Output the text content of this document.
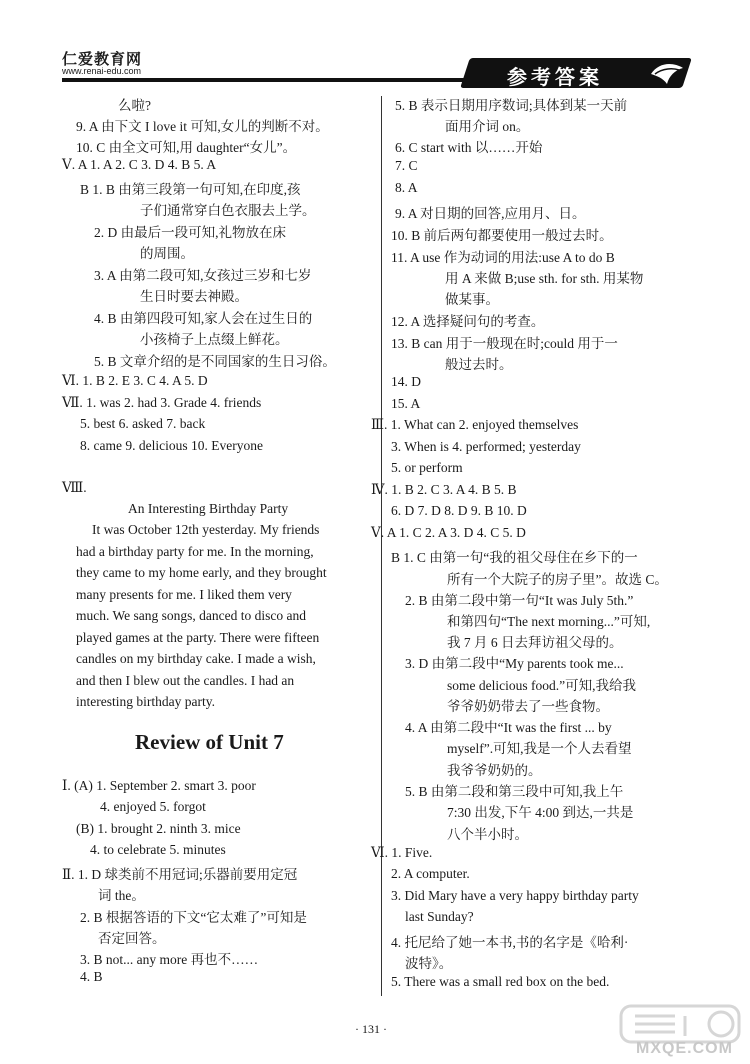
仁爱教育网
www.renai-edu.com	参考答案
么啦?
9. A 由下文 I love it 可知,女儿的判断不对。
10. C 由全文可知,用 daughter“女儿”。
Ⅴ. A 1. A 2. C 3. D 4. B 5. A
B 1. B 由第三段第一句可知,在印度,孩
子们通常穿白色衣服去上学。
2. D 由最后一段可知,礼物放在床
的周围。
3. A 由第二段可知,女孩过三岁和七岁
生日时要去神殿。
4. B 由第四段可知,家人会在过生日的
小孩椅子上点缀上鲜花。
5. B 文章介绍的是不同国家的生日习俗。
Ⅵ. 1. B 2. E 3. C 4. A 5. D
Ⅶ. 1. was 2. had 3. Grade 4. friends
5. best 6. asked 7. back
8. came 9. delicious 10. Everyone
Ⅷ.
An Interesting Birthday Party
It was October 12th yesterday. My friends
had a birthday party for me. In the morning,
they came to my home early, and they brought
many presents for me. I liked them very
much. We sang songs, danced to disco and
played games at the party. There were fifteen
candles on my birthday cake. I made a wish,
and then I blew out the candles. I had an
interesting birthday party.
Ⅰ. (A) 1. September 2. smart 3. poor
4. enjoyed 5. forgot
(B) 1. brought 2. ninth 3. mice
4. to celebrate 5. minutes
Ⅱ. 1. D 球类前不用冠词;乐器前要用定冠
词 the。
2. B 根据答语的下文“它太难了”可知是
否定回答。
3. B not... any more 再也不……
4. B
Review of Unit 7
5. B 表示日期用序数词;具体到某一天前
面用介词 on。
6. C start with 以……开始
7. C
8. A
9. A 对日期的回答,应用月、日。
10. B 前后两句都要使用一般过去时。
11. A use 作为动词的用法:use A to do B
用 A 来做 B;use sth. for sth. 用某物
做某事。
12. A 选择疑问句的考查。
13. B can 用于一般现在时;could 用于一
般过去时。
14. D
15. A
Ⅲ. 1. What can 2. enjoyed themselves
3. When is 4. performed; yesterday
5. or perform
Ⅳ. 1. B 2. C 3. A 4. B 5. B
6. D 7. D 8. D 9. B 10. D
Ⅴ. A 1. C 2. A 3. D 4. C 5. D
B 1. C 由第一句“我的祖父母住在乡下的一
所有一个大院子的房子里”。故选 C。
2. B 由第二段中第一句“It was July 5th.”
和第四句“The next morning...”可知,
我 7 月 6 日去拜访祖父母的。
3. D 由第二段中“My parents took me...
some delicious food.”可知,我给我
爷爷奶奶带去了一些食物。
4. A 由第二段中“It was the first ... by
myself”.可知,我是一个人去看望
我爷爷奶奶的。
5. B 由第二段和第三段中可知,我上午
7:30 出发,下午 4:00 到达,一共是
八个半小时。
Ⅵ. 1. Five.
2. A computer.
3. Did Mary have a very happy birthday party
last Sunday?
4. 托尼给了她一本书,书的名字是《哈利·
波特》。
5. There was a small red box on the bed.
· 131 ·
MXQE.COM
